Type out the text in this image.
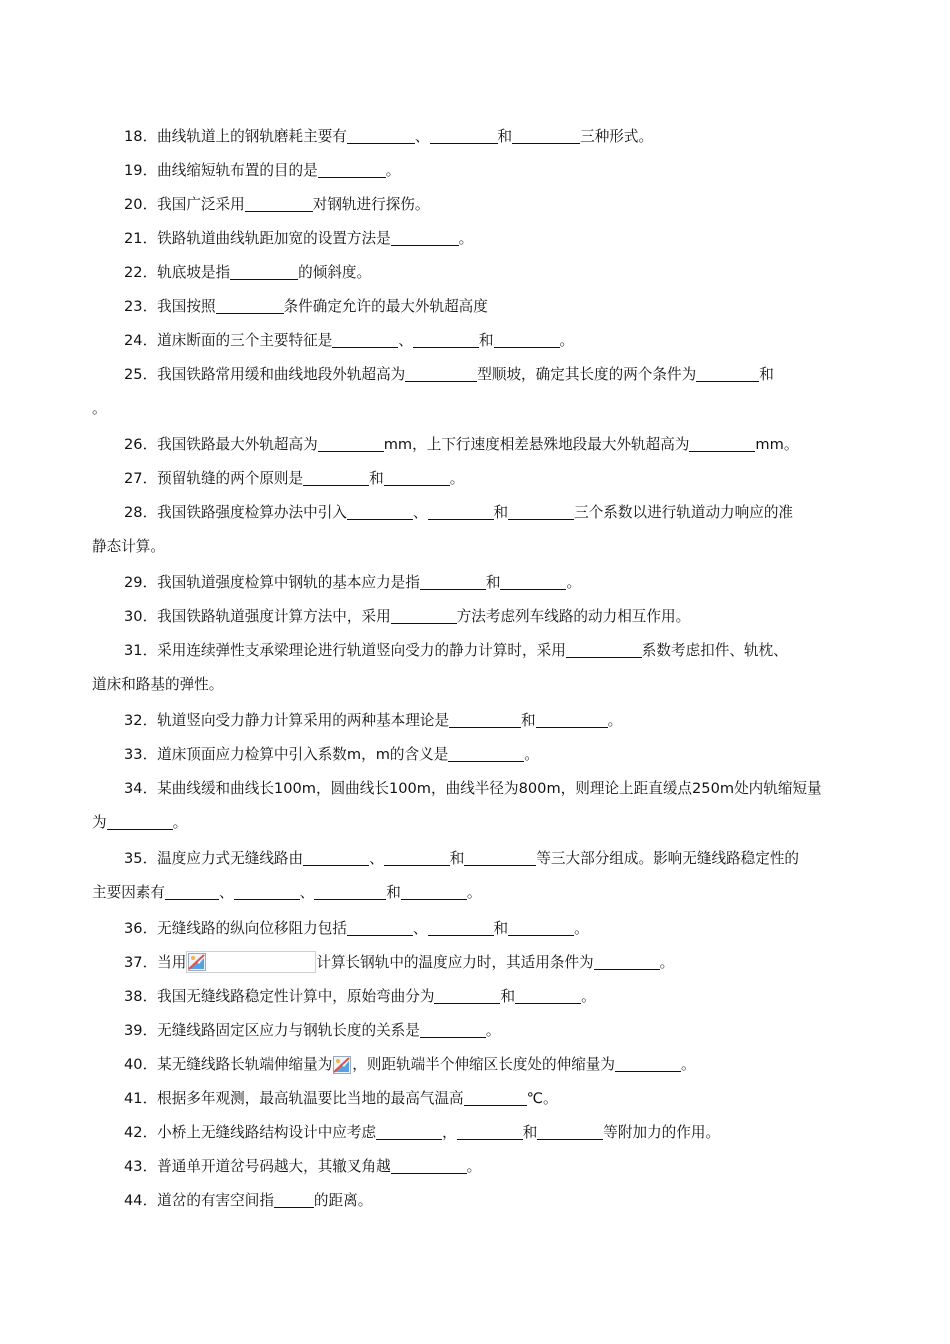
18．曲线轨道上的钢轨磨耗主要有	、	和	三种形式。

19．曲线缩短轨布置的目的是	。

20．我国广泛采用	对钢轨进行探伤。

21．铁路轨道曲线轨距加宽的设置方法是	。

22．轨底坡是指	的倾斜度。

23．我国按照	条件确定允许的最大外轨超高度

24．道床断面的三个主要特征是	、	和	。

25．我国铁路常用缓和曲线地段外轨超高为	型顺坡，确定其长度的两个条件为	和
。

26．我国铁路最大外轨超高为	mm，上下行速度相差悬殊地段最大外轨超高为	mm。

27．预留轨缝的两个原则是	和	。

28．我国铁路强度检算办法中引入	、	和	三个系数以进行轨道动力响应的准
静态计算。

29．我国轨道强度检算中钢轨的基本应力是指	和	。

30．我国铁路轨道强度计算方法中，采用	方法考虑列车线路的动力相互作用。

31．采用连续弹性支承梁理论进行轨道竖向受力的静力计算时，采用	系数考虑扣件、轨枕、
道床和路基的弹性。

32．轨道竖向受力静力计算采用的两种基本理论是	和	。

33．道床顶面应力检算中引入系数m，m的含义是	。

34．某曲线缓和曲线长100m，圆曲线长100m，曲线半径为800m，则理论上距直缓点250m处内轨缩短量
为	。

35．温度应力式无缝线路由	、	和	等三大部分组成。影响无缝线路稳定性的
主要因素有	、	、	和	。

36．无缝线路的纵向位移阻力包括	、	和	。

37．当用	计算长钢轨中的温度应力时，其适用条件为	。

38．我国无缝线路稳定性计算中，原始弯曲分为	和	。

39．无缝线路固定区应力与钢轨长度的关系是	。

40．某无缝线路长轨端伸缩量为 ，则距轨端半个伸缩区长度处的伸缩量为	。

41．根据多年观测，最高轨温要比当地的最高气温高	℃。

42．小桥上无缝线路结构设计中应考虑	，	和	等附加力的作用。

43．普通单开道岔号码越大，其辙叉角越	。

44．道岔的有害空间指	的距离。
